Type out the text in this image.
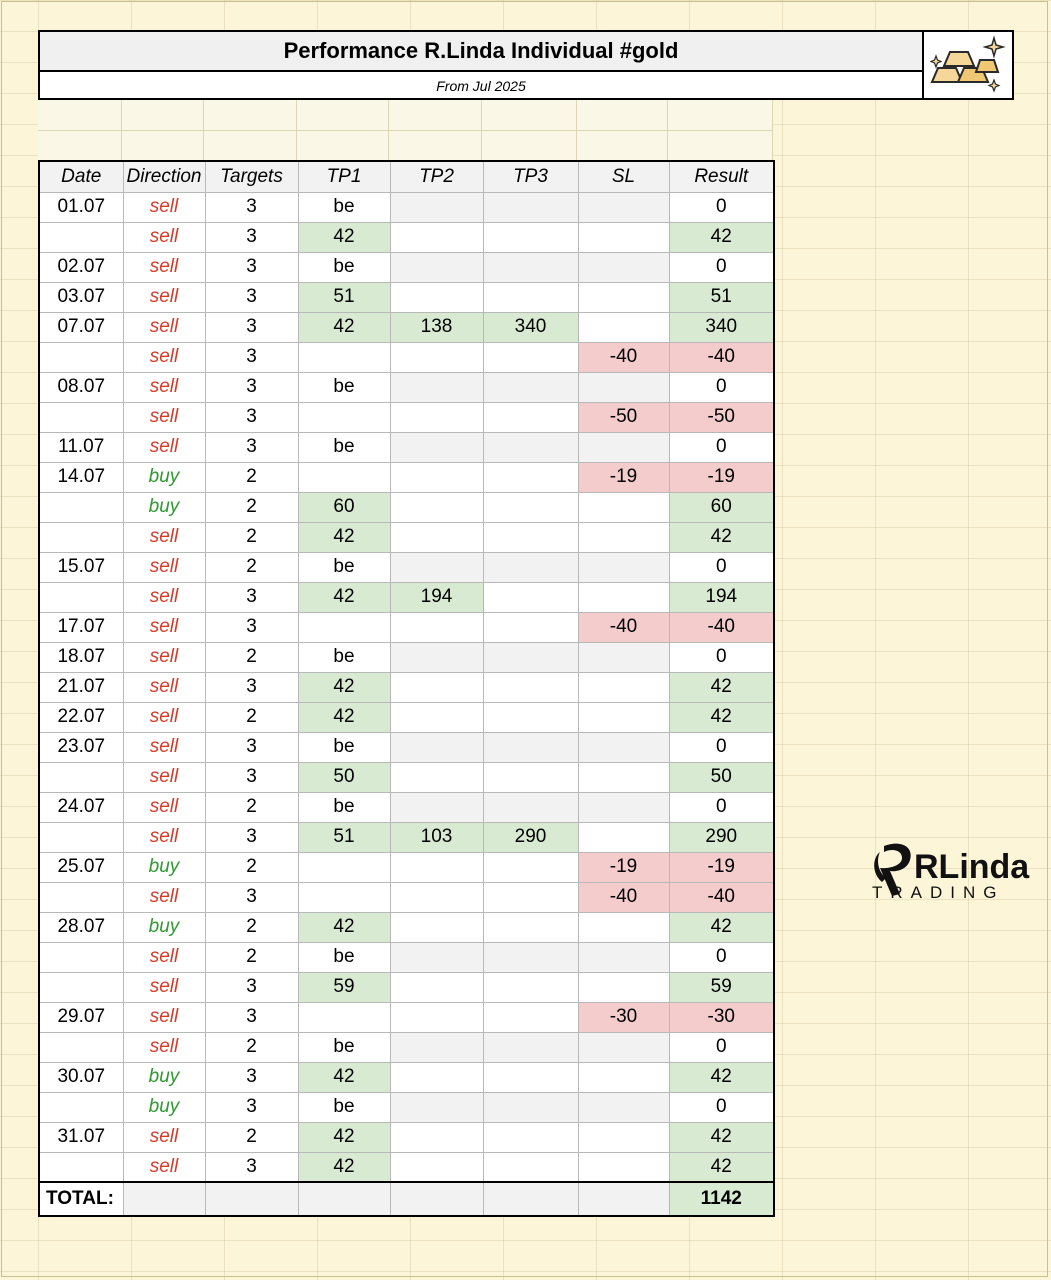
Performance R.Linda Individual #gold
From Jul 2025
Date	Direction	Targets	TP1	TP2	TP3	SL	Result
01.07	sell	3	be				0
	sell	3	42				42
02.07	sell	3	be				0
03.07	sell	3	51				51
07.07	sell	3	42	138	340		340
	sell	3				-40	-40
08.07	sell	3	be				0
	sell	3				-50	-50
11.07	sell	3	be				0
14.07	buy	2				-19	-19
	buy	2	60				60
	sell	2	42				42
15.07	sell	2	be				0
	sell	3	42	194			194
17.07	sell	3				-40	-40
18.07	sell	2	be				0
21.07	sell	3	42				42
22.07	sell	2	42				42
23.07	sell	3	be				0
	sell	3	50				50
24.07	sell	2	be				0
	sell	3	51	103	290		290
25.07	buy	2				-19	-19
	sell	3				-40	-40
28.07	buy	2	42				42
	sell	2	be				0
	sell	3	59				59
29.07	sell	3				-30	-30
	sell	2	be				0
30.07	buy	3	42				42
	buy	3	be				0
31.07	sell	2	42				42
	sell	3	42				42
TOTAL:							1142
RLinda
TRADING
